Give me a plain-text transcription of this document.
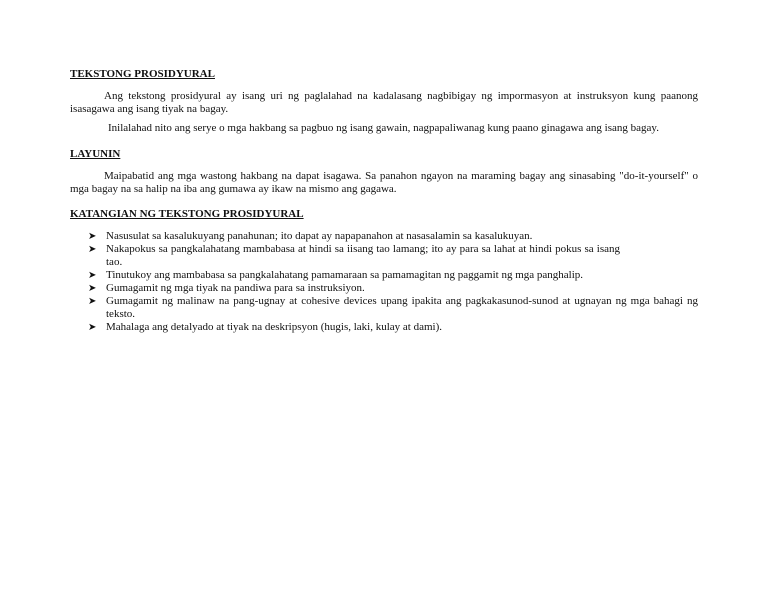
TEKSTONG PROSIDYURAL

Ang tekstong prosidyural ay isang uri ng paglalahad na kadalasang nagbibigay ng impormasyon at instruksyon kung paanong isasagawa ang isang tiyak na bagay.

Inilalahad nito ang serye o mga hakbang sa pagbuo ng isang gawain, nagpapaliwanag kung paano ginagawa ang isang bagay.

LAYUNIN

Maipabatid ang mga wastong hakbang na dapat isagawa. Sa panahon ngayon na maraming bagay ang sinasabing "do-it-yourself" o mga bagay na sa halip na iba ang gumawa ay ikaw na mismo ang gagawa.

KATANGIAN NG TEKSTONG PROSIDYURAL
➤ Nasusulat sa kasalukuyang panahunan; ito dapat ay napapanahon at nasasalamin sa kasalukuyan.
➤ Nakapokus sa pangkalahatang mambabasa at hindi sa iisang tao lamang; ito ay para sa lahat at hindi pokus sa isang tao.
➤ Tinutukoy ang mambabasa sa pangkalahatang pamamaraan sa pamamagitan ng paggamit ng mga panghalip.
➤ Gumagamit ng mga tiyak na pandiwa para sa instruksiyon.
➤ Gumagamit ng malinaw na pang-ugnay at cohesive devices upang ipakita ang pagkakasunod-sunod at ugnayan ng mga bahagi ng teksto.
➤ Mahalaga ang detalyado at tiyak na deskripsyon (hugis, laki, kulay at dami).
